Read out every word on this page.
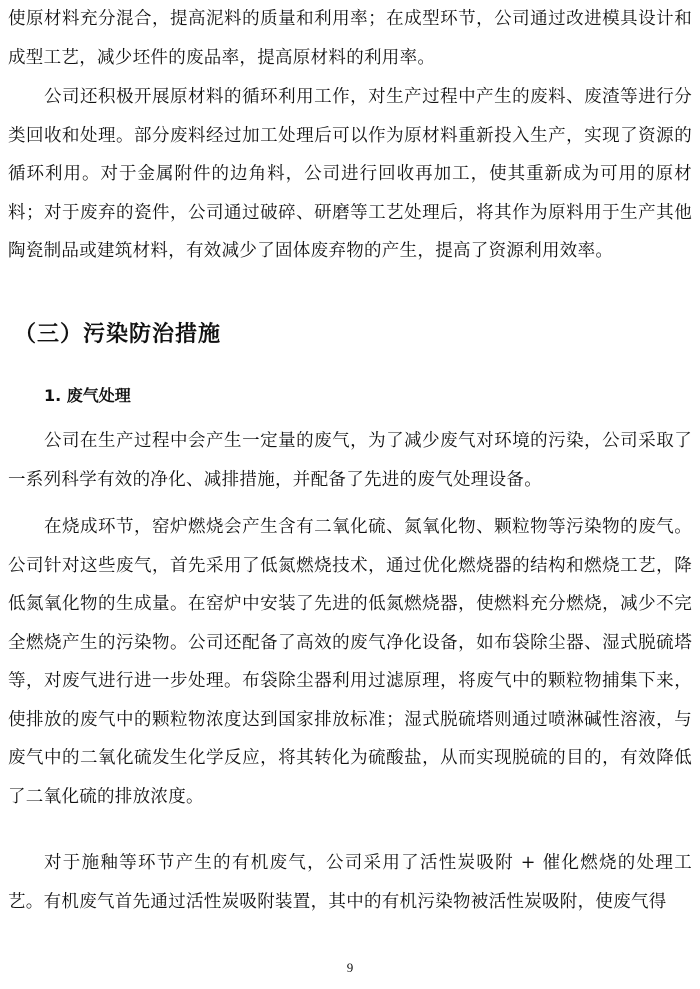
使原材料充分混合，提高泥料的质量和利用率；在成型环节，公司通过改进模具设计和成型工艺，减少坯件的废品率，提高原材料的利用率。

公司还积极开展原材料的循环利用工作，对生产过程中产生的废料、废渣等进行分类回收和处理。部分废料经过加工处理后可以作为原材料重新投入生产，实现了资源的循环利用。对于金属附件的边角料，公司进行回收再加工，使其重新成为可用的原材料；对于废弃的瓷件，公司通过破碎、研磨等工艺处理后，将其作为原料用于生产其他陶瓷制品或建筑材料，有效减少了固体废弃物的产生，提高了资源利用效率。

（三）污染防治措施
1. 废气处理

公司在生产过程中会产生一定量的废气，为了减少废气对环境的污染，公司采取了一系列科学有效的净化、减排措施，并配备了先进的废气处理设备。

在烧成环节，窑炉燃烧会产生含有二氧化硫、氮氧化物、颗粒物等污染物的废气。公司针对这些废气，首先采用了低氮燃烧技术，通过优化燃烧器的结构和燃烧工艺，降低氮氧化物的生成量。在窑炉中安装了先进的低氮燃烧器，使燃料充分燃烧，减少不完全燃烧产生的污染物。公司还配备了高效的废气净化设备，如布袋除尘器、湿式脱硫塔等，对废气进行进一步处理。布袋除尘器利用过滤原理，将废气中的颗粒物捕集下来，使排放的废气中的颗粒物浓度达到国家排放标准；湿式脱硫塔则通过喷淋碱性溶液，与废气中的二氧化硫发生化学反应，将其转化为硫酸盐，从而实现脱硫的目的，有效降低了二氧化硫的排放浓度。

对于施釉等环节产生的有机废气，公司采用了活性炭吸附 + 催化燃烧的处理工艺。有机废气首先通过活性炭吸附装置，其中的有机污染物被活性炭吸附，使废气得

9
